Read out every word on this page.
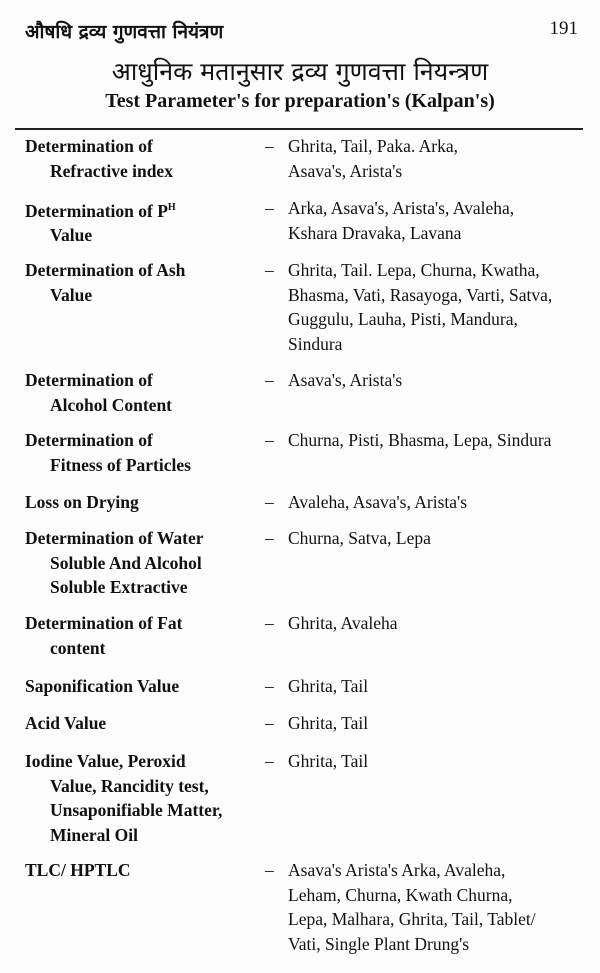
औषधि द्रव्य गुणवत्ता नियंत्रण	191
आधुनिक मतानुसार द्रव्य गुणवत्ता नियन्त्रण
Test Parameter's for preparation's (Kalpan's)
Determination of
Refractive index
– Ghrita, Tail, Paka. Arka,
Asava's, Arista's
Determination of $P^H$
Value
– Arka, Asava's, Arista's, Avaleha,
Kshara Dravaka, Lavana
Determination of Ash
Value
– Ghrita, Tail. Lepa, Churna, Kwatha,
Bhasma, Vati, Rasayoga, Varti, Satva,
Guggulu, Lauha, Pisti, Mandura,
Sindura
Determination of
Alcohol Content
– Asava's, Arista's
Determination of
Fitness of Particles
– Churna, Pisti, Bhasma, Lepa, Sindura
Loss on Drying	– Avaleha, Asava's, Arista's
Determination of Water
Soluble And Alcohol
Soluble Extractive
– Churna, Satva, Lepa
Determination of Fat
content
– Ghrita, Avaleha
Saponification Value	– Ghrita, Tail
Acid Value	– Ghrita, Tail
Iodine Value, Peroxid
Value, Rancidity test,
Unsaponifiable Matter,
Mineral Oil
– Ghrita, Tail
TLC/ HPTLC	– Asava's Arista's Arka, Avaleha,
Leham, Churna, Kwath Churna,
Lepa, Malhara, Ghrita, Tail, Tablet/
Vati, Single Plant Drung's
